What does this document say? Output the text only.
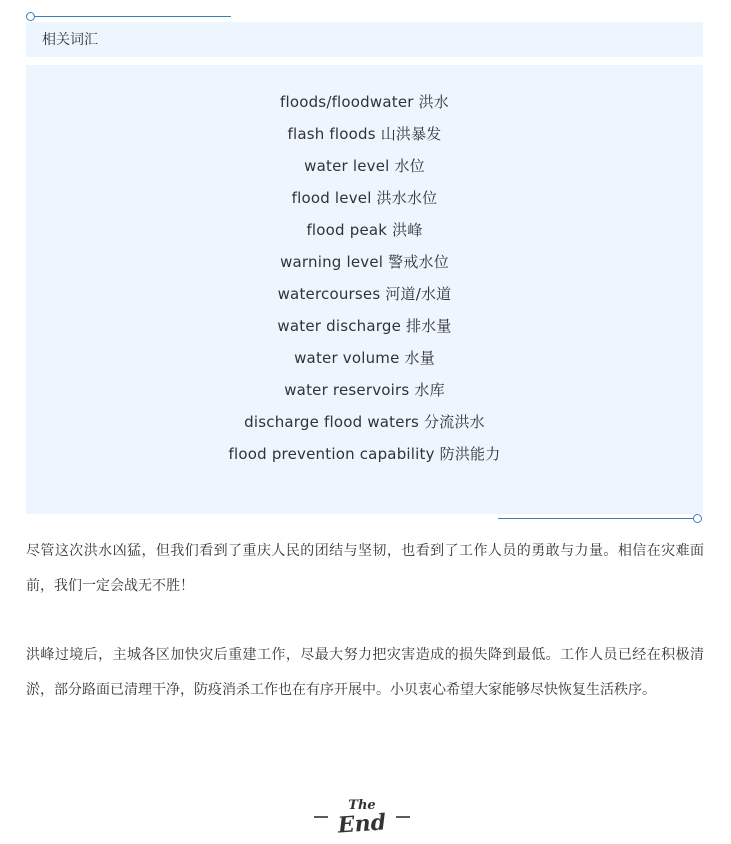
相关词汇
floods/floodwater 洪水
flash floods 山洪暴发
water level 水位
flood level 洪水水位
flood peak 洪峰
warning level 警戒水位
watercourses 河道/水道
water discharge 排水量
water volume 水量
water reservoirs 水库
discharge flood waters 分流洪水
flood prevention capability 防洪能力

尽管这次洪水凶猛，但我们看到了重庆人民的团结与坚韧，也看到了工作人员的勇敢与力量。相信在灾难面前，我们一定会战无不胜！

洪峰过境后，主城各区加快灾后重建工作，尽最大努力把灾害造成的损失降到最低。工作人员已经在积极清淤，部分路面已清理干净，防疫消杀工作也在有序开展中。小贝衷心希望大家能够尽快恢复生活秩序。

The
End
